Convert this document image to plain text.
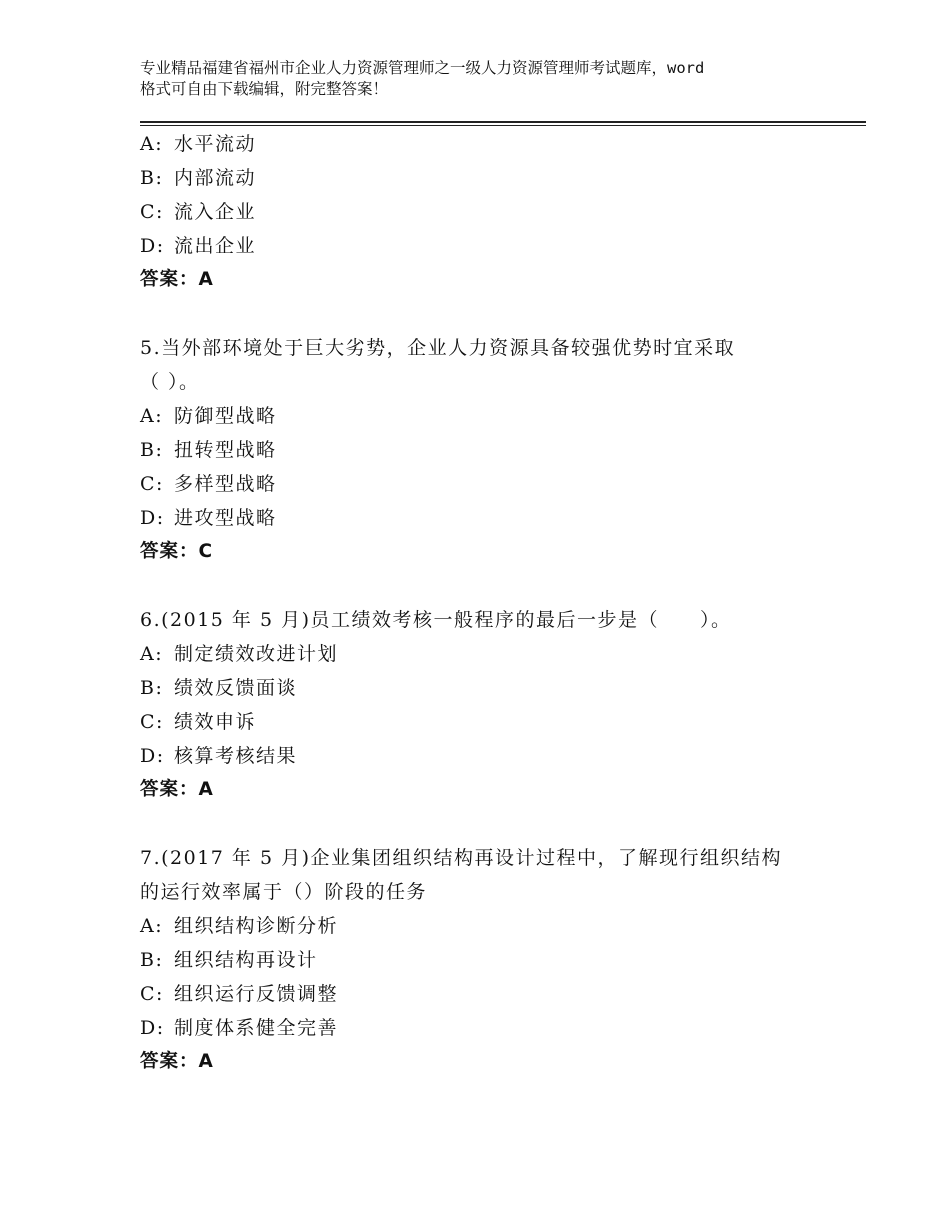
专业精品福建省福州市企业人力资源管理师之一级人力资源管理师考试题库，word
格式可自由下载编辑，附完整答案！
A: 水平流动
B: 内部流动
C: 流入企业
D: 流出企业
答案：A
5.当外部环境处于巨大劣势，企业人力资源具备较强优势时宜采取
（ ）。
A: 防御型战略
B: 扭转型战略
C: 多样型战略
D: 进攻型战略
答案：C
6.(2015 年 5 月)员工绩效考核一般程序的最后一步是（　　）。
A: 制定绩效改进计划
B: 绩效反馈面谈
C: 绩效申诉
D: 核算考核结果
答案：A
7.(2017 年 5 月)企业集团组织结构再设计过程中，了解现行组织结构
的运行效率属于（）阶段的任务
A: 组织结构诊断分析
B: 组织结构再设计
C: 组织运行反馈调整
D: 制度体系健全完善
答案：A
